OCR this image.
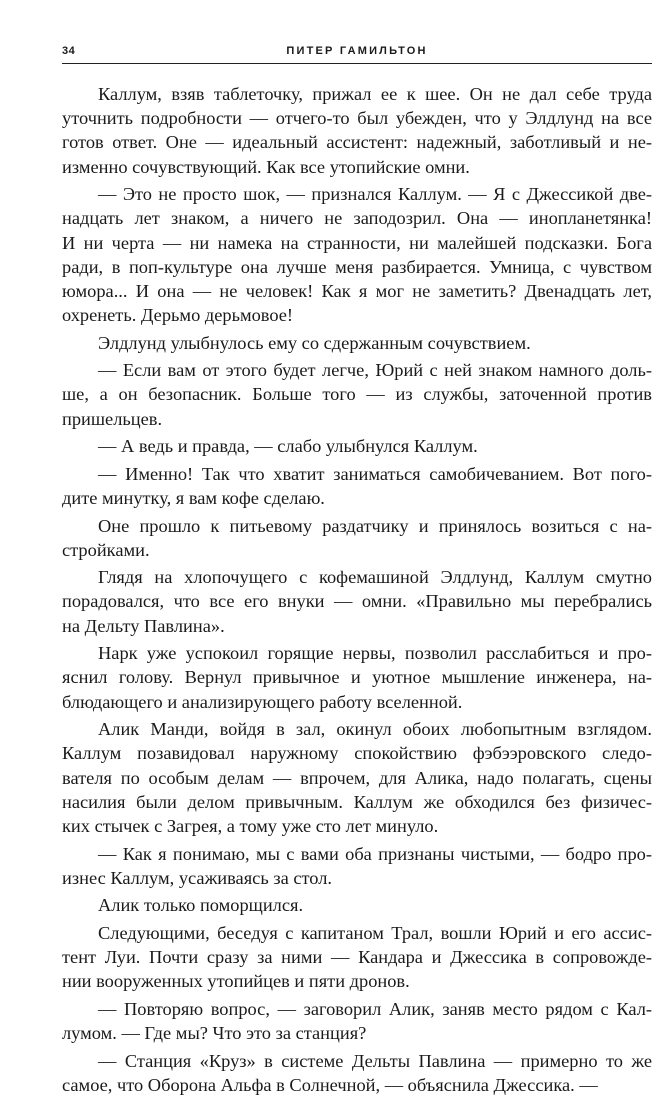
34	ПИТЕР ГАМИЛЬТОН

Каллум, взяв таблеточку, прижал ее к шее. Он не дал себе труда
уточнить подробности — отчего-то был убежден, что у Элдлунд на все
готов ответ. Оне — идеальный ассистент: надежный, заботливый и не-
изменно сочувствующий. Как все утопийские омни.

— Это не просто шок, — признался Каллум. — Я с Джессикой две-
надцать лет знаком, а ничего не заподозрил. Она — инопланетянка!
И ни черта — ни намека на странности, ни малейшей подсказки. Бога
ради, в поп-культуре она лучше меня разбирается. Умница, с чувством
юмора... И она — не человек! Как я мог не заметить? Двенадцать лет,
охренеть. Дерьмо дерьмовое!

Элдлунд улыбнулось ему со сдержанным сочувствием.

— Если вам от этого будет легче, Юрий с ней знаком намного доль-
ше, а он безопасник. Больше того — из службы, заточенной против
пришельцев.

— А ведь и правда, — слабо улыбнулся Каллум.

— Именно! Так что хватит заниматься самобичеванием. Вот пого-
дите минутку, я вам кофе сделаю.

Оне прошло к питьевому раздатчику и принялось возиться с на-
стройками.

Глядя на хлопочущего с кофемашиной Элдлунд, Каллум смутно
порадовался, что все его внуки — омни. «Правильно мы перебрались
на Дельту Павлина».

Нарк уже успокоил горящие нервы, позволил расслабиться и про-
яснил голову. Вернул привычное и уютное мышление инженера, на-
блюдающего и анализирующего работу вселенной.

Алик Манди, войдя в зал, окинул обоих любопытным взглядом.
Каллум позавидовал наружному спокойствию фэбээровского следо-
вателя по особым делам — впрочем, для Алика, надо полагать, сцены
насилия были делом привычным. Каллум же обходился без физичес-
ких стычек с Загрея, а тому уже сто лет минуло.

— Как я понимаю, мы с вами оба признаны чистыми, — бодро про-
изнес Каллум, усаживаясь за стол.

Алик только поморщился.

Следующими, беседуя с капитаном Трал, вошли Юрий и его ассис-
тент Луи. Почти сразу за ними — Кандара и Джессика в сопровожде-
нии вооруженных утопийцев и пяти дронов.

— Повторяю вопрос, — заговорил Алик, заняв место рядом с Кал-
лумом. — Где мы? Что это за станция?

— Станция «Круз» в системе Дельты Павлина — примерно то же
самое, что Оборона Альфа в Солнечной, — объяснила Джессика. —
